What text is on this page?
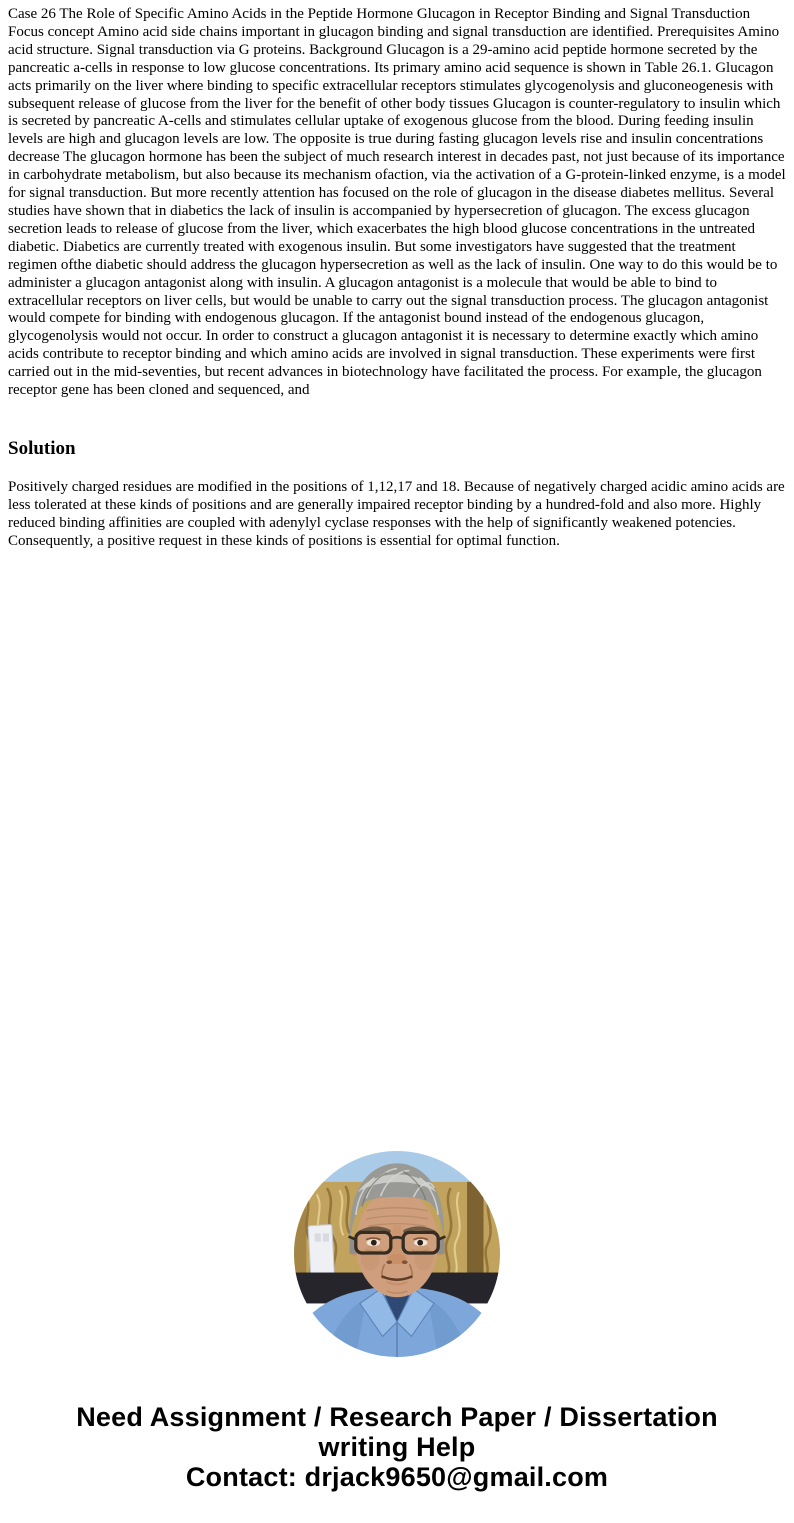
Case 26 The Role of Specific Amino Acids in the Peptide Hormone Glucagon in Receptor Binding and Signal Transduction Focus concept Amino acid side chains important in glucagon binding and signal transduction are identified. Prerequisites Amino acid structure. Signal transduction via G proteins. Background Glucagon is a 29-amino acid peptide hormone secreted by the pancreatic a-cells in response to low glucose concentrations. Its primary amino acid sequence is shown in Table 26.1. Glucagon acts primarily on the liver where binding to specific extracellular receptors stimulates glycogenolysis and gluconeogenesis with subsequent release of glucose from the liver for the benefit of other body tissues Glucagon is counter-regulatory to insulin which is secreted by pancreatic A-cells and stimulates cellular uptake of exogenous glucose from the blood. During feeding insulin levels are high and glucagon levels are low. The opposite is true during fasting glucagon levels rise and insulin concentrations decrease The glucagon hormone has been the subject of much research interest in decades past, not just because of its importance in carbohydrate metabolism, but also because its mechanism ofaction, via the activation of a G-protein-linked enzyme, is a model for signal transduction. But more recently attention has focused on the role of glucagon in the disease diabetes mellitus. Several studies have shown that in diabetics the lack of insulin is accompanied by hypersecretion of glucagon. The excess glucagon secretion leads to release of glucose from the liver, which exacerbates the high blood glucose concentrations in the untreated diabetic. Diabetics are currently treated with exogenous insulin. But some investigators have suggested that the treatment regimen ofthe diabetic should address the glucagon hypersecretion as well as the lack of insulin. One way to do this would be to administer a glucagon antagonist along with insulin. A glucagon antagonist is a molecule that would be able to bind to extracellular receptors on liver cells, but would be unable to carry out the signal transduction process. The glucagon antagonist would compete for binding with endogenous glucagon. If the antagonist bound instead of the endogenous glucagon, glycogenolysis would not occur. In order to construct a glucagon antagonist it is necessary to determine exactly which amino acids contribute to receptor binding and which amino acids are involved in signal transduction. These experiments were first carried out in the mid-seventies, but recent advances in biotechnology have facilitated the process. For example, the glucagon receptor gene has been cloned and sequenced, and

Solution

Positively charged residues are modified in the positions of 1,12,17 and 18. Because of negatively charged acidic amino acids are less tolerated at these kinds of positions and are generally impaired receptor binding by a hundred-fold and also more. Highly reduced binding affinities are coupled with adenylyl cyclase responses with the help of significantly weakened potencies. Consequently, a positive request in these kinds of positions is essential for optimal function.

Need Assignment / Research Paper / Dissertation
writing Help
Contact: drjack9650@gmail.com
